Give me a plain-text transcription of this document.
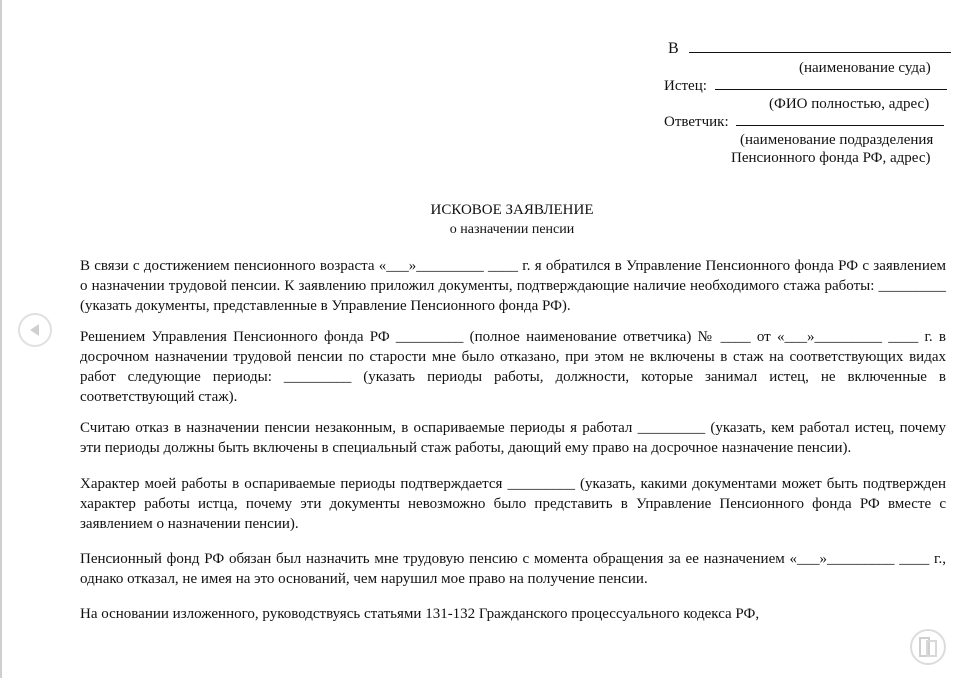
В
(наименование суда)
Истец:
(ФИО полностью, адрес)
Ответчик:
(наименование подразделения
Пенсионного фонда РФ, адрес)
ИСКОВОЕ ЗАЯВЛЕНИЕ
о назначении пенсии

В связи с достижением пенсионного возраста «___»_________ ____ г. я обратился в Управление Пенсионного фонда РФ с заявлением о назначении трудовой пенсии. К заявлению приложил документы, подтверждающие наличие необходимого стажа работы: _________ (указать документы, представленные в Управление Пенсионного фонда РФ).

Решением Управления Пенсионного фонда РФ _________ (полное наименование ответчика) № ____ от «___»_________ ____ г. в досрочном назначении трудовой пенсии по старости мне было отказано, при этом не включены в стаж на соответствующих видах работ следующие периоды: _________ (указать периоды работы, должности, которые занимал истец, не включенные в соответствующий стаж).

Считаю отказ в назначении пенсии незаконным, в оспариваемые периоды я работал _________ (указать, кем работал истец, почему эти периоды должны быть включены в специальный стаж работы, дающий ему право на досрочное назначение пенсии).

Характер моей работы в оспариваемые периоды подтверждается _________ (указать, какими документами может быть подтвержден характер работы истца, почему эти документы невозможно было представить в Управление Пенсионного фонда РФ вместе с заявлением о назначении пенсии).

Пенсионный фонд РФ обязан был назначить мне трудовую пенсию с момента обращения за ее назначением «___»_________ ____ г., однако отказал, не имея на это оснований, чем нарушил мое право на получение пенсии.

На основании изложенного, руководствуясь статьями 131-132 Гражданского процессуального кодекса РФ,
